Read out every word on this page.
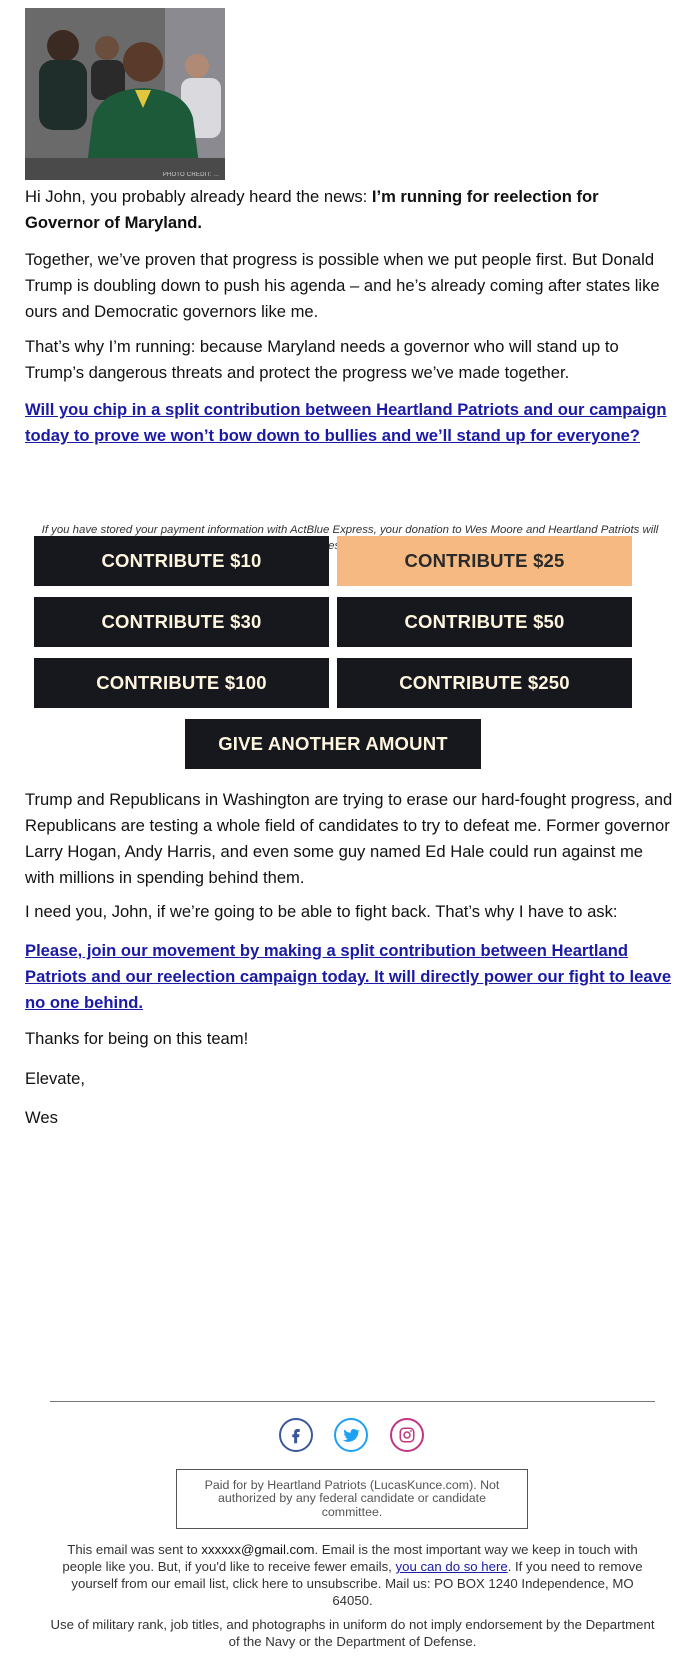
PHOTO CREDIT: ...

Hi John, you probably already heard the news: I’m running for reelection for Governor of Maryland.

Together, we’ve proven that progress is possible when we put people first. But Donald Trump is doubling down to push his agenda – and he’s already coming after states like ours and Democratic governors like me.

That’s why I’m running: because Maryland needs a governor who will stand up to Trump’s dangerous threats and protect the progress we’ve made together.

Will you chip in a split contribution between Heartland Patriots and our campaign today to prove we won’t bow down to bullies and we’ll stand up for everyone?
If you have stored your payment information with ActBlue Express, your donation to Wes Moore and Heartland Patriots will
CONTRIBUTE $10	CONTRIBUTE $25
CONTRIBUTE $30	CONTRIBUTE $50
CONTRIBUTE $100	CONTRIBUTE $250
GIVE ANOTHER AMOUNT

Trump and Republicans in Washington are trying to erase our hard-fought progress, and Republicans are testing a whole field of candidates to try to defeat me. Former governor Larry Hogan, Andy Harris, and even some guy named Ed Hale could run against me with millions in spending behind them.

I need you, John, if we’re going to be able to fight back. That’s why I have to ask:

Please, join our movement by making a split contribution between Heartland Patriots and our reelection campaign today. It will directly power our fight to leave no one behind.

Thanks for being on this team!

Elevate,

Wes

Paid for by Heartland Patriots (LucasKunce.com). Not authorized by any federal candidate or candidate committee.

This email was sent to xxxxxx@gmail.com. Email is the most important way we keep in touch with people like you. But, if you'd like to receive fewer emails, you can do so here. If you need to remove yourself from our email list, click here to unsubscribe. Mail us: PO BOX 1240 Independence, MO 64050.

Use of military rank, job titles, and photographs in uniform do not imply endorsement by the Department of the Navy or the Department of Defense.
